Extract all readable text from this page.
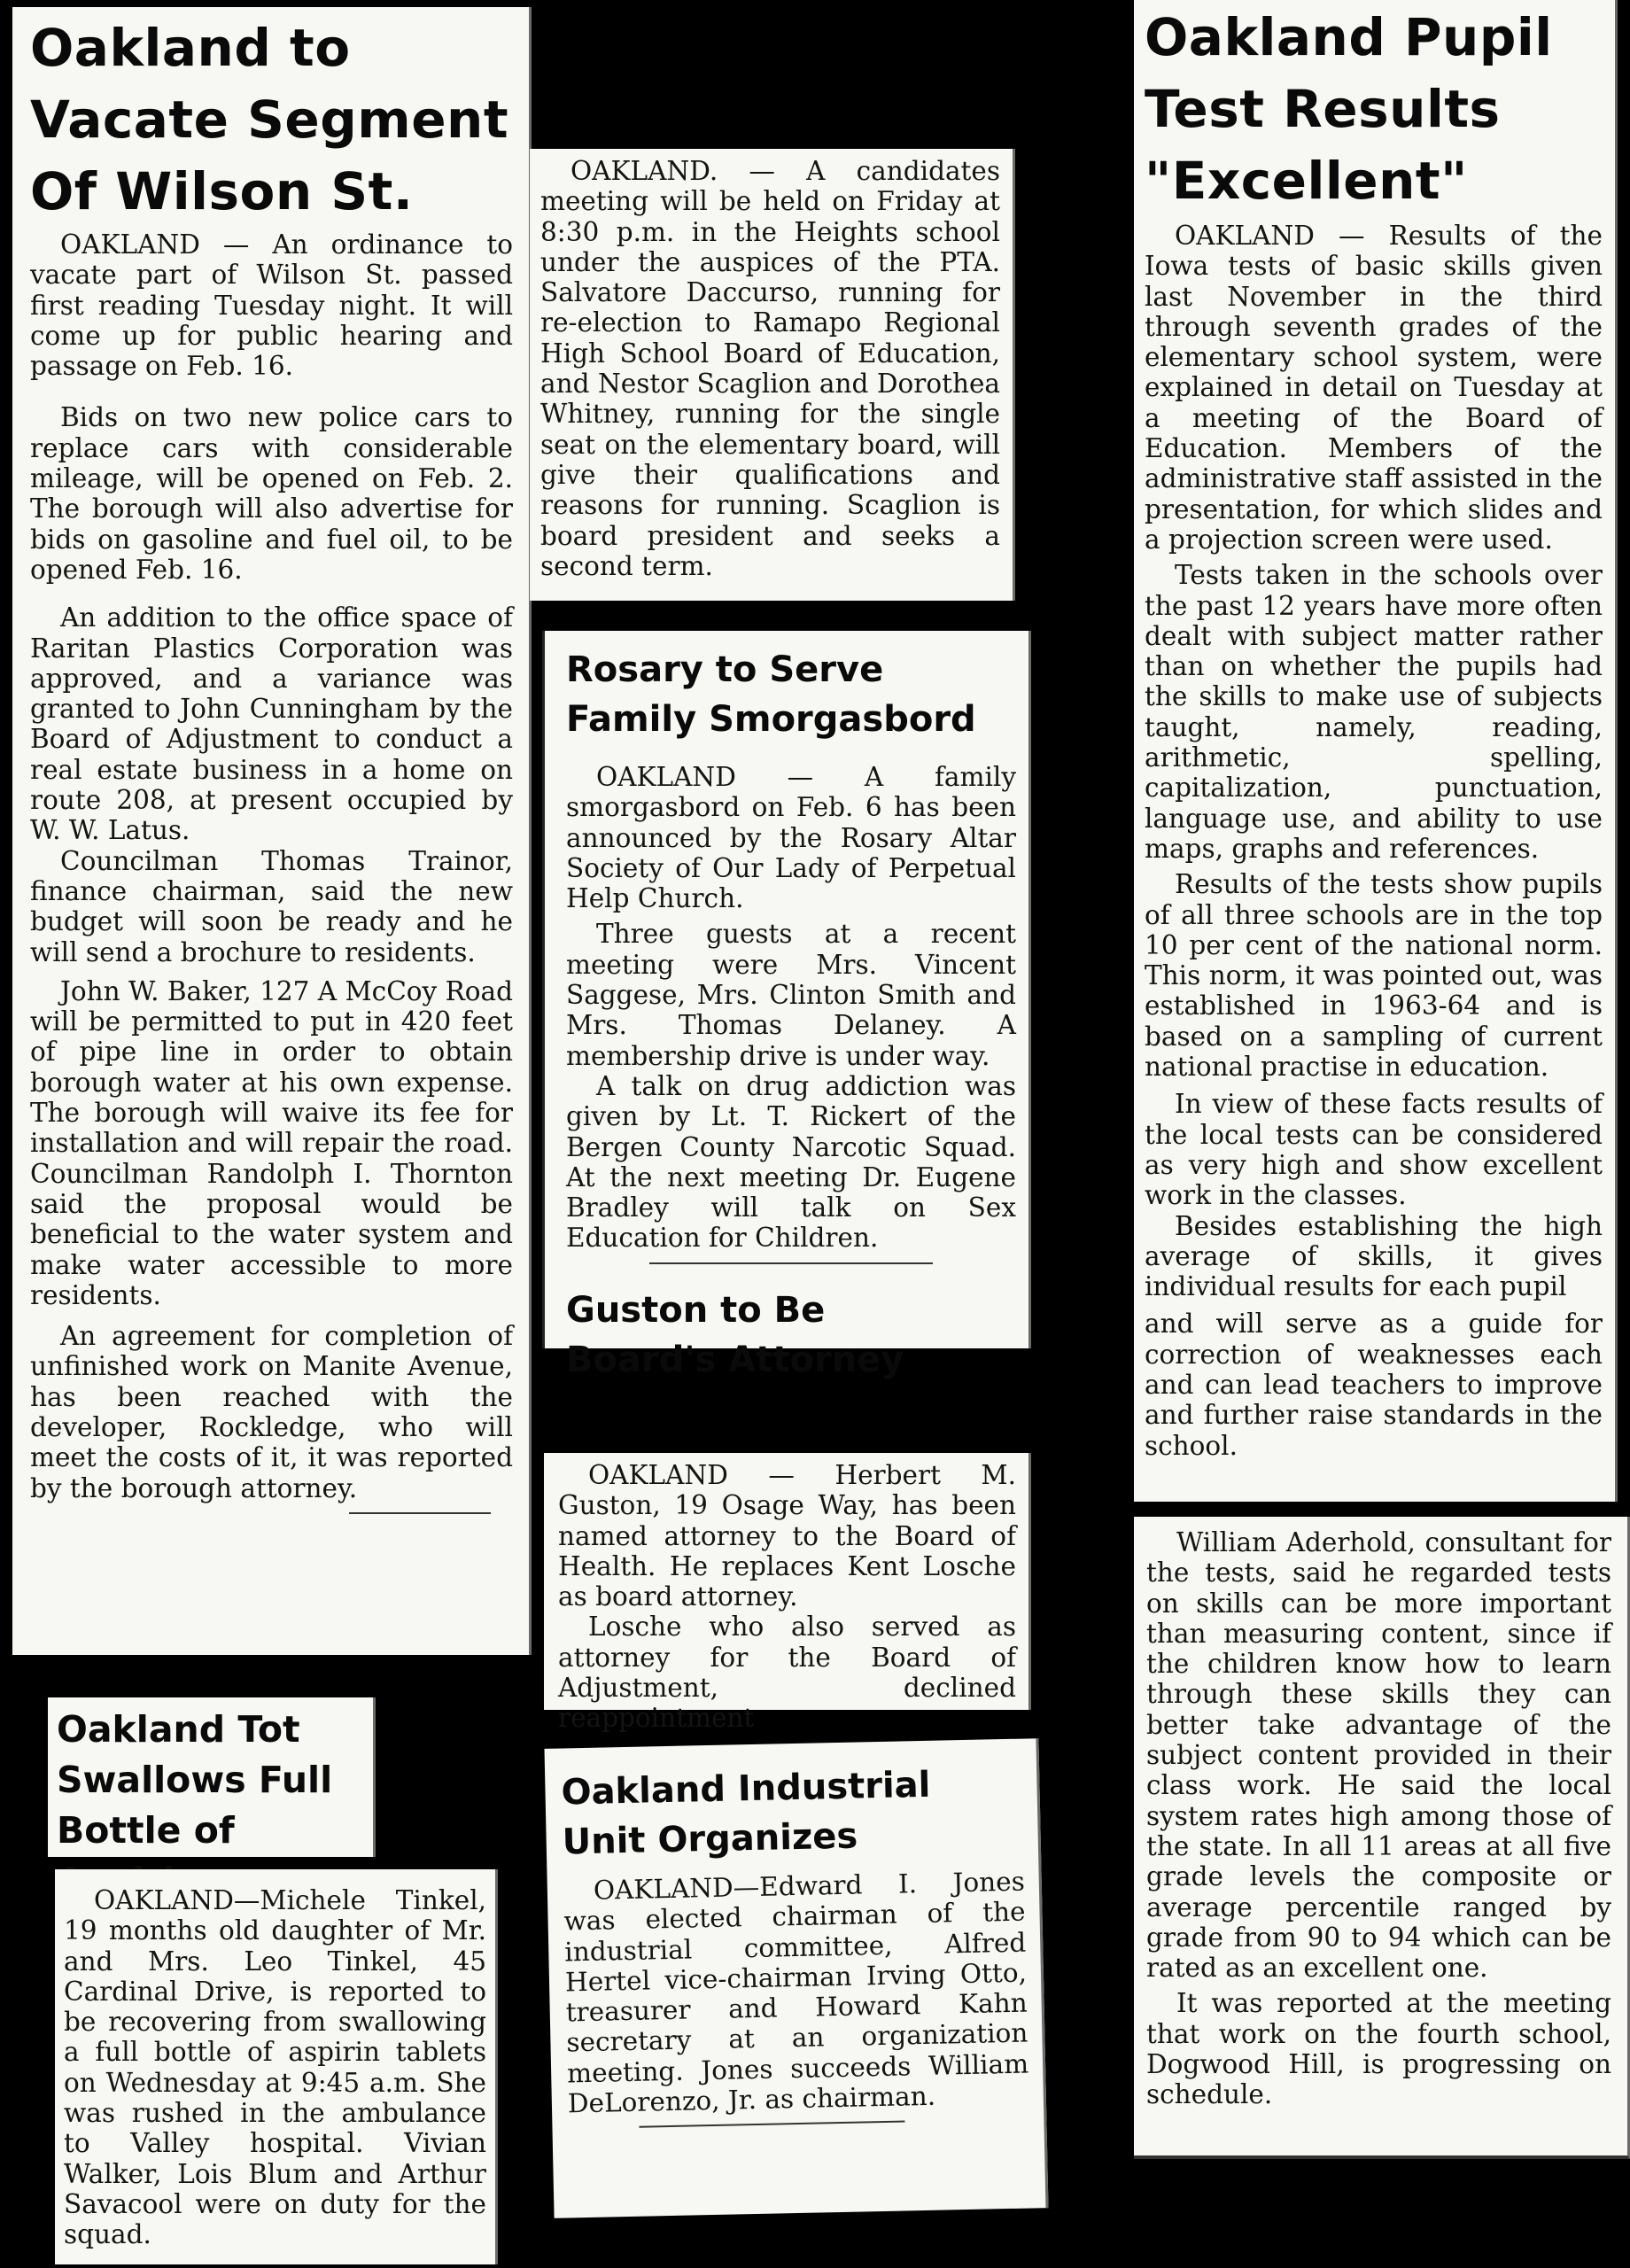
Oakland to
Vacate Segment
Of Wilson St.

OAKLAND — An ordinance to vacate part of Wilson St. passed first reading Tuesday night. It will come up for public hearing and passage on Feb. 16.

Bids on two new police cars to replace cars with considerable mileage, will be opened on Feb. 2. The borough will also advertise for bids on gasoline and fuel oil, to be opened Feb. 16.

An addition to the office space of Raritan Plastics Corporation was approved, and a variance was granted to John Cunningham by the Board of Adjustment to conduct a real estate business in a home on route 208, at present occupied by W. W. Latus.

Councilman Thomas Trainor, finance chairman, said the new budget will soon be ready and he will send a brochure to residents.

John W. Baker, 127 A McCoy Road will be permitted to put in 420 feet of pipe line in order to obtain borough water at his own expense. The borough will waive its fee for installation and will repair the road. Councilman Randolph I. Thornton said the proposal would be beneficial to the water system and make water accessible to more residents.

An agreement for completion of unfinished work on Manite Avenue, has been reached with the developer, Rockledge, who will meet the costs of it, it was reported by the borough attorney.

OAKLAND. — A candidates meeting will be held on Friday at 8:30 p.m. in the Heights school under the auspices of the PTA. Salvatore Daccurso, running for re-election to Ramapo Regional High School Board of Education, and Nestor Scaglion and Dorothea Whitney, running for the single seat on the elementary board, will give their qualifications and reasons for running. Scaglion is board president and seeks a second term.

Rosary to Serve
Family Smorgasbord

OAKLAND — A family smorgasbord on Feb. 6 has been announced by the Rosary Altar Society of Our Lady of Perpetual Help Church.

Three guests at a recent meeting were Mrs. Vincent Saggese, Mrs. Clinton Smith and Mrs. Thomas Delaney. A membership drive is under way.

A talk on drug addiction was given by Lt. T. Rickert of the Bergen County Narcotic Squad. At the next meeting Dr. Eugene Bradley will talk on Sex Education for Children.

Guston to Be
Board's Attorney

OAKLAND — Herbert M. Guston, 19 Osage Way, has been named attorney to the Board of Health. He replaces Kent Losche as board attorney.

Losche who also served as attorney for the Board of Adjustment, declined reappointment

Oakland Pupil
Test Results
"Excellent"

OAKLAND — Results of the Iowa tests of basic skills given last November in the third through seventh grades of the elementary school system, were explained in detail on Tuesday at a meeting of the Board of Education. Members of the administrative staff assisted in the presentation, for which slides and a projection screen were used.

Tests taken in the schools over the past 12 years have more often dealt with subject matter rather than on whether the pupils had the skills to make use of subjects taught, namely, reading, arithmetic, spelling, capitalization, punctuation, language use, and ability to use maps, graphs and references.

Results of the tests show pupils of all three schools are in the top 10 per cent of the national norm. This norm, it was pointed out, was established in 1963-64 and is based on a sampling of current national practise in education.

In view of these facts results of the local tests can be considered as very high and show excellent work in the classes.

Besides establishing the high average of skills, it gives individual results for each pupil

and will serve as a guide for correction of weaknesses each and can lead teachers to improve and further raise standards in the school.

William Aderhold, consultant for the tests, said he regarded tests on skills can be more important than measuring content, since if the children know how to learn through these skills they can better take advantage of the subject content provided in their class work. He said the local system rates high among those of the state. In all 11 areas at all five grade levels the composite or average percentile ranged by grade from 90 to 94 which can be rated as an excellent one.

It was reported at the meeting that work on the fourth school, Dogwood Hill, is progressing on schedule.

Oakland Tot
Swallows Full
Bottle of

OAKLAND—Michele Tinkel, 19 months old daughter of Mr. and Mrs. Leo Tinkel, 45 Cardinal Drive, is reported to be recovering from swallowing a full bottle of aspirin tablets on Wednesday at 9:45 a.m. She was rushed in the ambulance to Valley hospital. Vivian Walker, Lois Blum and Arthur Savacool were on duty for the squad.

Oakland Industrial
Unit Organizes

OAKLAND—Edward I. Jones was elected chairman of the industrial committee, Alfred Hertel vice-chairman Irving Otto, treasurer and Howard Kahn secretary at an organization meeting. Jones succeeds William DeLorenzo, Jr. as chairman.
